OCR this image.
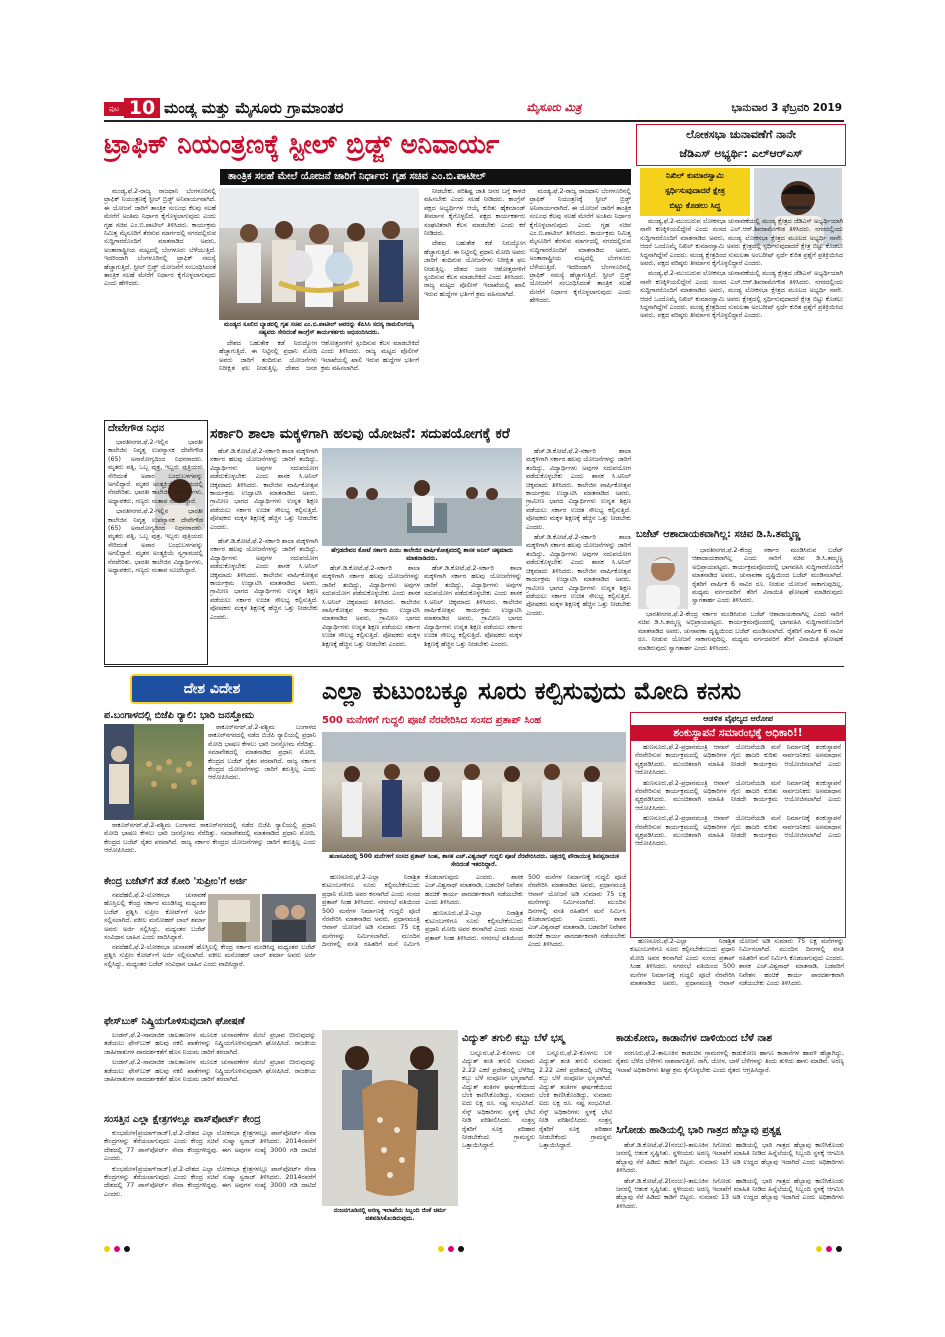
ಪುಟ 10 ಮಂಡ್ಯ ಮತ್ತು ಮೈಸೂರು ಗ್ರಾಮಾಂತರ	ಮೈಸೂರು ಮಿತ್ರ	ಭಾನುವಾರ 3 ಫೆಬ್ರವರಿ 2019
ಟ್ರಾಫಿಕ್ ನಿಯಂತ್ರಣಕ್ಕೆ ಸ್ಟೀಲ್ ಬ್ರಿಡ್ಜ್ ಅನಿವಾರ್ಯ
ತಾಂತ್ರಿಕ ಸಲಹೆ ಮೇಲೆ ಯೋಜನೆ ಜಾರಿಗೆ ನಿರ್ಧಾರ: ಗೃಹ ಸಚಿವ ಎಂ.ಬಿ.ಪಾಟೀಲ್

ಮಂಡ್ಯ,ಫೆ.2-ರಾಜ್ಯ ರಾಜಧಾನಿ ಬೆಂಗಳೂರಿನಲ್ಲಿ ಟ್ರಾಫಿಕ್ ನಿಯಂತ್ರಣಕ್ಕೆ ಸ್ಟೀಲ್ ಬ್ರಿಡ್ಜ್ ಅನಿವಾರ್ಯವಾಗಿದೆ. ಈ ಯೋಜನೆ ಜಾರಿಗೆ ತಾಂತ್ರಿಕ ಸಂಬಂಧ ಕೆಲವು ಸಲಹೆ ಮೇರೆಗೆ ಅಂತಿಮ ನಿರ್ಧಾರ ಕೈಗೊಳ್ಳಲಾಗುವುದು ಎಂದು ಗೃಹ ಸಚಿವ ಎಂ.ಬಿ.ಪಾಟೀಲ್ ತಿಳಿಸಿದರು. ಕಾರ್ಯಕ್ರಮ ನಿಮಿತ್ತ ಮೈಸೂರಿಗೆ ತೆರಳುವ ಮಾರ್ಗದಲ್ಲಿ ನಗರದಲ್ಲಿರುವ ಸುದ್ದಿಗಾರರೊಂದಿಗೆ ಮಾತನಾಡಿದ ಅವರು, ಅಂತಾರಾಷ್ಟ್ರೀಯ ಮಟ್ಟದಲ್ಲಿ ಬೆಂಗಳೂರು ಬೆಳೆಯುತ್ತಿದೆ. ಇದರಿಂದಾಗಿ ಬೆಂಗಳೂರಿನಲ್ಲಿ ಟ್ರಾಫಿಕ್ ಸಮಸ್ಯೆ ಹೆಚ್ಚಾಗುತ್ತಿದೆ. ಸ್ಟೀಲ್ ಬ್ರಿಡ್ಜ್ ಯೋಜನೆಗೆ ಸಂಬಂಧಿಸಿದಂತೆ ತಾಂತ್ರಿಕ ಸಲಹೆ ಮೇರೆಗೆ ನಿರ್ಧಾರ ಕೈಗೊಳ್ಳಲಾಗುವುದು ಎಂದು ಹೇಳಿದರು.

ಮಂಡ್ಯದ ಸೂಲಿದ ಬ್ಯಾಡರಲ್ಲಿ ಗೃಹ ಸಚಿವ ಎಂ.ಬಿ.ಪಾಟೀಲ್ ಅವರನ್ನು ಕೆಪಿಸಿಸಿ ಸದಸ್ಯ ರಾಮಲಿಂಗಯ್ಯ ಸಹ್ಯವರು ಸೇರಿದಂತೆ ಕಾಂಗ್ರೆಸ್ ಕಾರ್ಯಕರ್ತರು ಅಭಿನಂದಿಸಿದರು.

ದೇಶದ ಬಹುತೇಕ ಕಡೆ ನಿರುದ್ಯೋಗ ಹೆಚ್ಚಾಗುತ್ತಿದೆ. ಈ ನಿಟ್ಟಿನಲ್ಲಿ ಪ್ರಧಾನಿ ಮೋದಿ ಅವರು ಜಾರಿಗೆ ತಂದಿರುವ ಯೋಜನೆಗಳು ನಿರೀಕ್ಷಿತ ಫಲ ನೀಡುತ್ತಿಲ್ಲ. ದೇಶದ ಜನರ ಆಶೋತ್ತರಗಳಿಗೆ ಸ್ಪಂದಿಸುವ ಕೆಲಸ ಮಾಡಬೇಕಿದೆ ಎಂದು ತಿಳಿಸಿದರು. ರಾಜ್ಯ ಮಟ್ಟದ ಪೊಲೀಸ್ ಇಲಾಖೆಯಲ್ಲಿ ಖಾಲಿ ಇರುವ ಹುದ್ದೆಗಳ ಭರ್ತಿಗೆ ಕ್ರಮ ವಹಿಸಲಾಗಿದೆ.

ನೀಡಬೇಕು. ಪರಿಶಿಷ್ಟ ಜಾತಿ ಜನರ ಬಗ್ಗೆ ಕಾಳಜಿ ವಹಿಸಬೇಕು ಎಂದು ಸಲಹೆ ನೀಡಿದರು. ಕಾಂಗ್ರೆಸ್ ಪಕ್ಷದ ಅಭ್ಯರ್ಥಿಗಳ ಆಯ್ಕೆ ಕುರಿತು ಹೈಕಮಾಂಡ್ ತೀರ್ಮಾನ ಕೈಗೊಳ್ಳಲಿದೆ. ಪಕ್ಷದ ಕಾರ್ಯಕರ್ತರು ಸಂಘಟಿತರಾಗಿ ಕೆಲಸ ಮಾಡಬೇಕು ಎಂದು ಕರೆ ನೀಡಿದರು.

ದೇಶದ ಬಹುತೇಕ ಕಡೆ ನಿರುದ್ಯೋಗ ಹೆಚ್ಚಾಗುತ್ತಿದೆ. ಈ ನಿಟ್ಟಿನಲ್ಲಿ ಪ್ರಧಾನಿ ಮೋದಿ ಅವರು ಜಾರಿಗೆ ತಂದಿರುವ ಯೋಜನೆಗಳು ನಿರೀಕ್ಷಿತ ಫಲ ನೀಡುತ್ತಿಲ್ಲ. ದೇಶದ ಜನರ ಆಶೋತ್ತರಗಳಿಗೆ ಸ್ಪಂದಿಸುವ ಕೆಲಸ ಮಾಡಬೇಕಿದೆ ಎಂದು ತಿಳಿಸಿದರು. ರಾಜ್ಯ ಮಟ್ಟದ ಪೊಲೀಸ್ ಇಲಾಖೆಯಲ್ಲಿ ಖಾಲಿ ಇರುವ ಹುದ್ದೆಗಳ ಭರ್ತಿಗೆ ಕ್ರಮ ವಹಿಸಲಾಗಿದೆ.

ಮಂಡ್ಯ,ಫೆ.2-ರಾಜ್ಯ ರಾಜಧಾನಿ ಬೆಂಗಳೂರಿನಲ್ಲಿ ಟ್ರಾಫಿಕ್ ನಿಯಂತ್ರಣಕ್ಕೆ ಸ್ಟೀಲ್ ಬ್ರಿಡ್ಜ್ ಅನಿವಾರ್ಯವಾಗಿದೆ. ಈ ಯೋಜನೆ ಜಾರಿಗೆ ತಾಂತ್ರಿಕ ಸಂಬಂಧ ಕೆಲವು ಸಲಹೆ ಮೇರೆಗೆ ಅಂತಿಮ ನಿರ್ಧಾರ ಕೈಗೊಳ್ಳಲಾಗುವುದು ಎಂದು ಗೃಹ ಸಚಿವ ಎಂ.ಬಿ.ಪಾಟೀಲ್ ತಿಳಿಸಿದರು. ಕಾರ್ಯಕ್ರಮ ನಿಮಿತ್ತ ಮೈಸೂರಿಗೆ ತೆರಳುವ ಮಾರ್ಗದಲ್ಲಿ ನಗರದಲ್ಲಿರುವ ಸುದ್ದಿಗಾರರೊಂದಿಗೆ ಮಾತನಾಡಿದ ಅವರು, ಅಂತಾರಾಷ್ಟ್ರೀಯ ಮಟ್ಟದಲ್ಲಿ ಬೆಂಗಳೂರು ಬೆಳೆಯುತ್ತಿದೆ. ಇದರಿಂದಾಗಿ ಬೆಂಗಳೂರಿನಲ್ಲಿ ಟ್ರಾಫಿಕ್ ಸಮಸ್ಯೆ ಹೆಚ್ಚಾಗುತ್ತಿದೆ. ಸ್ಟೀಲ್ ಬ್ರಿಡ್ಜ್ ಯೋಜನೆಗೆ ಸಂಬಂಧಿಸಿದಂತೆ ತಾಂತ್ರಿಕ ಸಲಹೆ ಮೇರೆಗೆ ನಿರ್ಧಾರ ಕೈಗೊಳ್ಳಲಾಗುವುದು ಎಂದು ಹೇಳಿದರು.

ಲೋಕಸಭಾ ಚುನಾವಣೆಗೆ ನಾನೇ
ಜೆಡಿಎಸ್ ಅಭ್ಯರ್ಥಿ: ಎಲ್‌ಆರ್‌ಎಸ್
ನಿಖಿಲ್ ಕುಮಾರಸ್ವಾಮಿ
ಸ್ಪರ್ಧಿಸುವುದಾದರೆ ಕ್ಷೇತ್ರ
ಬಿಟ್ಟು ಕೊಡಲು ಸಿದ್ಧ

ಮಂಡ್ಯ,ಫೆ.2-ಮುಂಬರುವ ಲೋಕಸಭಾ ಚುನಾವಣೆಯಲ್ಲಿ ಮಂಡ್ಯ ಕ್ಷೇತ್ರದ ಜೆಡಿಎಸ್ ಅಭ್ಯರ್ಥಿಯಾಗಿ ನಾನೇ ಕಣಕ್ಕಿಳಿಯಲಿದ್ದೇನೆ ಎಂದು ಸಂಸದ ಎಲ್.ಆರ್.ಶಿವರಾಮೇಗೌಡ ತಿಳಿಸಿದರು. ನಗರದಲ್ಲಿಂದು ಸುದ್ದಿಗಾರರೊಂದಿಗೆ ಮಾತನಾಡಿದ ಅವರು, ಮಂಡ್ಯ ಲೋಕಸಭಾ ಕ್ಷೇತ್ರದ ಮೂಲದ ಅಭ್ಯರ್ಥಿ ನಾನೇ. ಆದರೆ ಒಂದೊಮ್ಮೆ ನಿಖಿಲ್ ಕುಮಾರಸ್ವಾಮಿ ಅವರು ಕ್ಷೇತ್ರದಲ್ಲಿ ಸ್ಪರ್ಧಿಸುವುದಾದರೆ ಕ್ಷೇತ್ರ ಬಿಟ್ಟು ಕೊಡಲು ಸಿದ್ಧನಾಗಿದ್ದೇನೆ ಎಂದರು. ಮಂಡ್ಯ ಕ್ಷೇತ್ರದಿಂದ ಸುಮಲತಾ ಅಂಬರೀಷ್ ಸ್ಪರ್ಧೆ ಕುರಿತ ಪ್ರಶ್ನೆಗೆ ಪ್ರತಿಕ್ರಿಯಿಸಿದ ಅವರು, ಪಕ್ಷದ ವರಿಷ್ಠರು ತೀರ್ಮಾನ ಕೈಗೊಳ್ಳಲಿದ್ದಾರೆ ಎಂದರು.

ಮಂಡ್ಯ,ಫೆ.2-ಮುಂಬರುವ ಲೋಕಸಭಾ ಚುನಾವಣೆಯಲ್ಲಿ ಮಂಡ್ಯ ಕ್ಷೇತ್ರದ ಜೆಡಿಎಸ್ ಅಭ್ಯರ್ಥಿಯಾಗಿ ನಾನೇ ಕಣಕ್ಕಿಳಿಯಲಿದ್ದೇನೆ ಎಂದು ಸಂಸದ ಎಲ್.ಆರ್.ಶಿವರಾಮೇಗೌಡ ತಿಳಿಸಿದರು. ನಗರದಲ್ಲಿಂದು ಸುದ್ದಿಗಾರರೊಂದಿಗೆ ಮಾತನಾಡಿದ ಅವರು, ಮಂಡ್ಯ ಲೋಕಸಭಾ ಕ್ಷೇತ್ರದ ಮೂಲದ ಅಭ್ಯರ್ಥಿ ನಾನೇ. ಆದರೆ ಒಂದೊಮ್ಮೆ ನಿಖಿಲ್ ಕುಮಾರಸ್ವಾಮಿ ಅವರು ಕ್ಷೇತ್ರದಲ್ಲಿ ಸ್ಪರ್ಧಿಸುವುದಾದರೆ ಕ್ಷೇತ್ರ ಬಿಟ್ಟು ಕೊಡಲು ಸಿದ್ಧನಾಗಿದ್ದೇನೆ ಎಂದರು. ಮಂಡ್ಯ ಕ್ಷೇತ್ರದಿಂದ ಸುಮಲತಾ ಅಂಬರೀಷ್ ಸ್ಪರ್ಧೆ ಕುರಿತ ಪ್ರಶ್ನೆಗೆ ಪ್ರತಿಕ್ರಿಯಿಸಿದ ಅವರು, ಪಕ್ಷದ ವರಿಷ್ಠರು ತೀರ್ಮಾನ ಕೈಗೊಳ್ಳಲಿದ್ದಾರೆ ಎಂದರು.

ದೇವೇಗೌಡ ನಿಧನ

ಭಾರತೀನಗರ,ಫೆ.2-ಇಲ್ಲಿನ ಭಾರತೀ ಕಾಲೇಜಿನ ನಿವೃತ್ತ ಉಪನ್ಯಾಸಕ ದೇವೇಗೌಡ (65) ಅನಾರೋಗ್ಯದಿಂದ ನಿಧನರಾದರು. ಮೃತರು ಪತ್ನಿ, ಒಬ್ಬ ಪುತ್ರ, ಇಬ್ಬರು ಪುತ್ರಿಯರು ಸೇರಿದಂತೆ ಅಪಾರ ಬಂಧುಬಳಗವನ್ನು ಅಗಲಿದ್ದಾರೆ. ಮೃತರ ಅಂತ್ಯಕ್ರಿಯೆ ಸ್ವಗ್ರಾಮದಲ್ಲಿ ನೆರವೇರಿತು. ಭಾರತೀ ಕಾಲೇಜಿನ ವಿದ್ಯಾರ್ಥಿಗಳು, ಅಧ್ಯಾಪಕರು, ಗಣ್ಯರು ಸಂತಾಪ ಸೂಚಿಸಿದ್ದಾರೆ.

ಭಾರತೀನಗರ,ಫೆ.2-ಇಲ್ಲಿನ ಭಾರತೀ ಕಾಲೇಜಿನ ನಿವೃತ್ತ ಉಪನ್ಯಾಸಕ ದೇವೇಗೌಡ (65) ಅನಾರೋಗ್ಯದಿಂದ ನಿಧನರಾದರು. ಮೃತರು ಪತ್ನಿ, ಒಬ್ಬ ಪುತ್ರ, ಇಬ್ಬರು ಪುತ್ರಿಯರು ಸೇರಿದಂತೆ ಅಪಾರ ಬಂಧುಬಳಗವನ್ನು ಅಗಲಿದ್ದಾರೆ. ಮೃತರ ಅಂತ್ಯಕ್ರಿಯೆ ಸ್ವಗ್ರಾಮದಲ್ಲಿ ನೆರವೇರಿತು. ಭಾರತೀ ಕಾಲೇಜಿನ ವಿದ್ಯಾರ್ಥಿಗಳು, ಅಧ್ಯಾಪಕರು, ಗಣ್ಯರು ಸಂತಾಪ ಸೂಚಿಸಿದ್ದಾರೆ.

ಸರ್ಕಾರಿ ಶಾಲಾ ಮಕ್ಕಳಿಗಾಗಿ ಹಲವು ಯೋಜನೆ: ಸದುಪಯೋಗಕ್ಕೆ ಕರೆ

ಹೆಚ್.ಡಿ.ಕೋಟೆ,ಫೆ.2-ಸರ್ಕಾರಿ ಶಾಲಾ ಮಕ್ಕಳಿಗಾಗಿ ಸರ್ಕಾರ ಹಲವು ಯೋಜನೆಗಳನ್ನು ಜಾರಿಗೆ ತಂದಿದ್ದು, ವಿದ್ಯಾರ್ಥಿಗಳು ಅವುಗಳ ಸದುಪಯೋಗ ಪಡೆದುಕೊಳ್ಳಬೇಕು ಎಂದು ಶಾಸಕ ಸಿ.ಅನಿಲ್ ಚಿಕ್ಕಮಾದು ತಿಳಿಸಿದರು. ಕಾಲೇಜಿನ ವಾರ್ಷಿಕೋತ್ಸವ ಕಾರ್ಯಕ್ರಮ ಉದ್ಘಾಟಿಸಿ ಮಾತನಾಡಿದ ಅವರು, ಗ್ರಾಮೀಣ ಭಾಗದ ವಿದ್ಯಾರ್ಥಿಗಳು ಉನ್ನತ ಶಿಕ್ಷಣ ಪಡೆಯಲು ಸರ್ಕಾರ ಉಚಿತ ಸೌಲಭ್ಯ ಕಲ್ಪಿಸುತ್ತಿದೆ. ಪೋಷಕರು ಮಕ್ಕಳ ಶಿಕ್ಷಣಕ್ಕೆ ಹೆಚ್ಚಿನ ಒತ್ತು ನೀಡಬೇಕು ಎಂದರು.

ಹೆಗ್ಗಡದೇವನ ಕೋಟೆ ಸರ್ಕಾರಿ ಪಿಯು ಕಾಲೇಜಿನ ವಾರ್ಷಿಕೋತ್ಸವದಲ್ಲಿ ಶಾಸಕ ಅನಿಲ್ ಚಿಕ್ಕಮಾದು ಮಾತನಾಡಿದರು.

ಹೆಚ್.ಡಿ.ಕೋಟೆ,ಫೆ.2-ಸರ್ಕಾರಿ ಶಾಲಾ ಮಕ್ಕಳಿಗಾಗಿ ಸರ್ಕಾರ ಹಲವು ಯೋಜನೆಗಳನ್ನು ಜಾರಿಗೆ ತಂದಿದ್ದು, ವಿದ್ಯಾರ್ಥಿಗಳು ಅವುಗಳ ಸದುಪಯೋಗ ಪಡೆದುಕೊಳ್ಳಬೇಕು ಎಂದು ಶಾಸಕ ಸಿ.ಅನಿಲ್ ಚಿಕ್ಕಮಾದು ತಿಳಿಸಿದರು. ಕಾಲೇಜಿನ ವಾರ್ಷಿಕೋತ್ಸವ ಕಾರ್ಯಕ್ರಮ ಉದ್ಘಾಟಿಸಿ ಮಾತನಾಡಿದ ಅವರು, ಗ್ರಾಮೀಣ ಭಾಗದ ವಿದ್ಯಾರ್ಥಿಗಳು ಉನ್ನತ ಶಿಕ್ಷಣ ಪಡೆಯಲು ಸರ್ಕಾರ ಉಚಿತ ಸೌಲಭ್ಯ ಕಲ್ಪಿಸುತ್ತಿದೆ. ಪೋಷಕರು ಮಕ್ಕಳ ಶಿಕ್ಷಣಕ್ಕೆ ಹೆಚ್ಚಿನ ಒತ್ತು ನೀಡಬೇಕು ಎಂದರು.

ಹೆಚ್.ಡಿ.ಕೋಟೆ,ಫೆ.2-ಸರ್ಕಾರಿ ಶಾಲಾ ಮಕ್ಕಳಿಗಾಗಿ ಸರ್ಕಾರ ಹಲವು ಯೋಜನೆಗಳನ್ನು ಜಾರಿಗೆ ತಂದಿದ್ದು, ವಿದ್ಯಾರ್ಥಿಗಳು ಅವುಗಳ ಸದುಪಯೋಗ ಪಡೆದುಕೊಳ್ಳಬೇಕು ಎಂದು ಶಾಸಕ ಸಿ.ಅನಿಲ್ ಚಿಕ್ಕಮಾದು ತಿಳಿಸಿದರು. ಕಾಲೇಜಿನ ವಾರ್ಷಿಕೋತ್ಸವ ಕಾರ್ಯಕ್ರಮ ಉದ್ಘಾಟಿಸಿ ಮಾತನಾಡಿದ ಅವರು, ಗ್ರಾಮೀಣ ಭಾಗದ ವಿದ್ಯಾರ್ಥಿಗಳು ಉನ್ನತ ಶಿಕ್ಷಣ ಪಡೆಯಲು ಸರ್ಕಾರ ಉಚಿತ ಸೌಲಭ್ಯ ಕಲ್ಪಿಸುತ್ತಿದೆ. ಪೋಷಕರು ಮಕ್ಕಳ ಶಿಕ್ಷಣಕ್ಕೆ ಹೆಚ್ಚಿನ ಒತ್ತು ನೀಡಬೇಕು ಎಂದರು.

ಹೆಚ್.ಡಿ.ಕೋಟೆ,ಫೆ.2-ಸರ್ಕಾರಿ ಶಾಲಾ ಮಕ್ಕಳಿಗಾಗಿ ಸರ್ಕಾರ ಹಲವು ಯೋಜನೆಗಳನ್ನು ಜಾರಿಗೆ ತಂದಿದ್ದು, ವಿದ್ಯಾರ್ಥಿಗಳು ಅವುಗಳ ಸದುಪಯೋಗ ಪಡೆದುಕೊಳ್ಳಬೇಕು ಎಂದು ಶಾಸಕ ಸಿ.ಅನಿಲ್ ಚಿಕ್ಕಮಾದು ತಿಳಿಸಿದರು. ಕಾಲೇಜಿನ ವಾರ್ಷಿಕೋತ್ಸವ ಕಾರ್ಯಕ್ರಮ ಉದ್ಘಾಟಿಸಿ ಮಾತನಾಡಿದ ಅವರು, ಗ್ರಾಮೀಣ ಭಾಗದ ವಿದ್ಯಾರ್ಥಿಗಳು ಉನ್ನತ ಶಿಕ್ಷಣ ಪಡೆಯಲು ಸರ್ಕಾರ ಉಚಿತ ಸೌಲಭ್ಯ ಕಲ್ಪಿಸುತ್ತಿದೆ. ಪೋಷಕರು ಮಕ್ಕಳ ಶಿಕ್ಷಣಕ್ಕೆ ಹೆಚ್ಚಿನ ಒತ್ತು ನೀಡಬೇಕು ಎಂದರು.

ಹೆಚ್.ಡಿ.ಕೋಟೆ,ಫೆ.2-ಸರ್ಕಾರಿ ಶಾಲಾ ಮಕ್ಕಳಿಗಾಗಿ ಸರ್ಕಾರ ಹಲವು ಯೋಜನೆಗಳನ್ನು ಜಾರಿಗೆ ತಂದಿದ್ದು, ವಿದ್ಯಾರ್ಥಿಗಳು ಅವುಗಳ ಸದುಪಯೋಗ ಪಡೆದುಕೊಳ್ಳಬೇಕು ಎಂದು ಶಾಸಕ ಸಿ.ಅನಿಲ್ ಚಿಕ್ಕಮಾದು ತಿಳಿಸಿದರು. ಕಾಲೇಜಿನ ವಾರ್ಷಿಕೋತ್ಸವ ಕಾರ್ಯಕ್ರಮ ಉದ್ಘಾಟಿಸಿ ಮಾತನಾಡಿದ ಅವರು, ಗ್ರಾಮೀಣ ಭಾಗದ ವಿದ್ಯಾರ್ಥಿಗಳು ಉನ್ನತ ಶಿಕ್ಷಣ ಪಡೆಯಲು ಸರ್ಕಾರ ಉಚಿತ ಸೌಲಭ್ಯ ಕಲ್ಪಿಸುತ್ತಿದೆ. ಪೋಷಕರು ಮಕ್ಕಳ ಶಿಕ್ಷಣಕ್ಕೆ ಹೆಚ್ಚಿನ ಒತ್ತು ನೀಡಬೇಕು ಎಂದರು.

ಹೆಚ್.ಡಿ.ಕೋಟೆ,ಫೆ.2-ಸರ್ಕಾರಿ ಶಾಲಾ ಮಕ್ಕಳಿಗಾಗಿ ಸರ್ಕಾರ ಹಲವು ಯೋಜನೆಗಳನ್ನು ಜಾರಿಗೆ ತಂದಿದ್ದು, ವಿದ್ಯಾರ್ಥಿಗಳು ಅವುಗಳ ಸದುಪಯೋಗ ಪಡೆದುಕೊಳ್ಳಬೇಕು ಎಂದು ಶಾಸಕ ಸಿ.ಅನಿಲ್ ಚಿಕ್ಕಮಾದು ತಿಳಿಸಿದರು. ಕಾಲೇಜಿನ ವಾರ್ಷಿಕೋತ್ಸವ ಕಾರ್ಯಕ್ರಮ ಉದ್ಘಾಟಿಸಿ ಮಾತನಾಡಿದ ಅವರು, ಗ್ರಾಮೀಣ ಭಾಗದ ವಿದ್ಯಾರ್ಥಿಗಳು ಉನ್ನತ ಶಿಕ್ಷಣ ಪಡೆಯಲು ಸರ್ಕಾರ ಉಚಿತ ಸೌಲಭ್ಯ ಕಲ್ಪಿಸುತ್ತಿದೆ. ಪೋಷಕರು ಮಕ್ಕಳ ಶಿಕ್ಷಣಕ್ಕೆ ಹೆಚ್ಚಿನ ಒತ್ತು ನೀಡಬೇಕು ಎಂದರು.

ಬಜೆಟ್ ಆಶಾದಾಯಕವಾಗಿಲ್ಲ: ಸಚಿವ ಡಿ.ಸಿ.ತಮ್ಮಣ್ಣ

ಭಾರತೀನಗರ,ಫೆ.2-ಕೇಂದ್ರ ಸರ್ಕಾರ ಮಂಡಿಸಿರುವ ಬಜೆಟ್ ಆಶಾದಾಯಕವಾಗಿಲ್ಲ ಎಂದು ಸಾರಿಗೆ ಸಚಿವ ಡಿ.ಸಿ.ತಮ್ಮಣ್ಣ ಅಭಿಪ್ರಾಯಪಟ್ಟರು. ಕಾರ್ಯಕ್ರಮವೊಂದರಲ್ಲಿ ಭಾಗವಹಿಸಿ ಸುದ್ದಿಗಾರರೊಂದಿಗೆ ಮಾತನಾಡಿದ ಅವರು, ಚುನಾವಣಾ ದೃಷ್ಟಿಯಿಂದ ಬಜೆಟ್ ಮಂಡಿಸಲಾಗಿದೆ. ರೈತರಿಗೆ ವಾರ್ಷಿಕ 6 ಸಾವಿರ ರೂ. ನೀಡುವ ಯೋಜನೆ ಸಾಕಾಗುವುದಿಲ್ಲ. ಮಧ್ಯಮ ವರ್ಗದವರಿಗೆ ತೆರಿಗೆ ವಿನಾಯಿತಿ ಘೋಷಣೆ ಮಾಡಿರುವುದು ಸ್ವಾಗತಾರ್ಹ ಎಂದು ತಿಳಿಸಿದರು.

ಭಾರತೀನಗರ,ಫೆ.2-ಕೇಂದ್ರ ಸರ್ಕಾರ ಮಂಡಿಸಿರುವ ಬಜೆಟ್ ಆಶಾದಾಯಕವಾಗಿಲ್ಲ ಎಂದು ಸಾರಿಗೆ ಸಚಿವ ಡಿ.ಸಿ.ತಮ್ಮಣ್ಣ ಅಭಿಪ್ರಾಯಪಟ್ಟರು. ಕಾರ್ಯಕ್ರಮವೊಂದರಲ್ಲಿ ಭಾಗವಹಿಸಿ ಸುದ್ದಿಗಾರರೊಂದಿಗೆ ಮಾತನಾಡಿದ ಅವರು, ಚುನಾವಣಾ ದೃಷ್ಟಿಯಿಂದ ಬಜೆಟ್ ಮಂಡಿಸಲಾಗಿದೆ. ರೈತರಿಗೆ ವಾರ್ಷಿಕ 6 ಸಾವಿರ ರೂ. ನೀಡುವ ಯೋಜನೆ ಸಾಕಾಗುವುದಿಲ್ಲ. ಮಧ್ಯಮ ವರ್ಗದವರಿಗೆ ತೆರಿಗೆ ವಿನಾಯಿತಿ ಘೋಷಣೆ ಮಾಡಿರುವುದು ಸ್ವಾಗತಾರ್ಹ ಎಂದು ತಿಳಿಸಿದರು.

ದೇಶ ವಿದೇಶ
ಪ.ಬಂಗಾಳದಲ್ಲಿ ಬಿಜೆಪಿ ರ್‍ಯಾಲಿ: ಭಾರಿ ಜನಸ್ತೋಮ

ಠಾಕೂರ್‌ನಗರ್,ಫೆ.2-ಪಶ್ಚಿಮ ಬಂಗಾಳದ ಠಾಕೂರ್‌ನಗರದಲ್ಲಿ ನಡೆದ ಬಿಜೆಪಿ ರ್‍ಯಾಲಿಯಲ್ಲಿ ಪ್ರಧಾನಿ ಮೋದಿ ಭಾಷಣ ಕೇಳಲು ಭಾರಿ ಜನಸ್ತೋಮ ನೆರೆದಿತ್ತು. ಸಮಾವೇಶದಲ್ಲಿ ಮಾತನಾಡಿದ ಪ್ರಧಾನಿ ಮೋದಿ, ಕೇಂದ್ರದ ಬಜೆಟ್ ರೈತರ ಪರವಾಗಿದೆ. ರಾಜ್ಯ ಸರ್ಕಾರ ಕೇಂದ್ರದ ಯೋಜನೆಗಳನ್ನು ಜಾರಿಗೆ ತರುತ್ತಿಲ್ಲ ಎಂದು ಆರೋಪಿಸಿದರು.

ಠಾಕೂರ್‌ನಗರ್,ಫೆ.2-ಪಶ್ಚಿಮ ಬಂಗಾಳದ ಠಾಕೂರ್‌ನಗರದಲ್ಲಿ ನಡೆದ ಬಿಜೆಪಿ ರ್‍ಯಾಲಿಯಲ್ಲಿ ಪ್ರಧಾನಿ ಮೋದಿ ಭಾಷಣ ಕೇಳಲು ಭಾರಿ ಜನಸ್ತೋಮ ನೆರೆದಿತ್ತು. ಸಮಾವೇಶದಲ್ಲಿ ಮಾತನಾಡಿದ ಪ್ರಧಾನಿ ಮೋದಿ, ಕೇಂದ್ರದ ಬಜೆಟ್ ರೈತರ ಪರವಾಗಿದೆ. ರಾಜ್ಯ ಸರ್ಕಾರ ಕೇಂದ್ರದ ಯೋಜನೆಗಳನ್ನು ಜಾರಿಗೆ ತರುತ್ತಿಲ್ಲ ಎಂದು ಆರೋಪಿಸಿದರು.

ಕೇಂದ್ರ ಬಜೆಟ್‌ಗೆ ತಡೆ ಕೋರಿ 'ಸುಪ್ರೀಂ'ಗೆ ಅರ್ಜಿ

ನವದೆಹಲಿ,ಫೆ.2-ಲೋಕಸಭಾ ಚುನಾವಣೆ ಹೊಸ್ತಿಲಲ್ಲಿ ಕೇಂದ್ರ ಸರ್ಕಾರ ಮಂಡಿಸಿದ್ದ ಮಧ್ಯಂತರ ಬಜೆಟ್ ಪ್ರಶ್ನಿಸಿ ಸುಪ್ರೀಂ ಕೋರ್ಟ್‌ಗೆ ಅರ್ಜಿ ಸಲ್ಲಿಸಲಾಗಿದೆ. ವಕೀಲ ಮನೋಹರ್ ಲಾಲ್ ಶರ್ಮಾ ಅವರು ಅರ್ಜಿ ಸಲ್ಲಿಸಿದ್ದು, ಮಧ್ಯಂತರ ಬಜೆಟ್ ಸಂವಿಧಾನ ಬಾಹಿರ ಎಂದು ವಾದಿಸಿದ್ದಾರೆ.

ನವದೆಹಲಿ,ಫೆ.2-ಲೋಕಸಭಾ ಚುನಾವಣೆ ಹೊಸ್ತಿಲಲ್ಲಿ ಕೇಂದ್ರ ಸರ್ಕಾರ ಮಂಡಿಸಿದ್ದ ಮಧ್ಯಂತರ ಬಜೆಟ್ ಪ್ರಶ್ನಿಸಿ ಸುಪ್ರೀಂ ಕೋರ್ಟ್‌ಗೆ ಅರ್ಜಿ ಸಲ್ಲಿಸಲಾಗಿದೆ. ವಕೀಲ ಮನೋಹರ್ ಲಾಲ್ ಶರ್ಮಾ ಅವರು ಅರ್ಜಿ ಸಲ್ಲಿಸಿದ್ದು, ಮಧ್ಯಂತರ ಬಜೆಟ್ ಸಂವಿಧಾನ ಬಾಹಿರ ಎಂದು ವಾದಿಸಿದ್ದಾರೆ.

ಫೇಸ್‌ಬುಕ್ ನಿಷ್ಕ್ರಿಯಗೊಳಿಸುವುದಾಗಿ ಘೋಷಣೆ

ಲಂಡನ್,ಫೆ.2-ಸಾಮಾಜಿಕ ಜಾಲತಾಣಗಳ ಮೂಲಕ ಚುನಾವಣೆಗಳ ಮೇಲೆ ಪ್ರಭಾವ ಬೀರುವುದನ್ನು ತಡೆಯಲು ಫೇಸ್‌ಬುಕ್ ಹಲವು ನಕಲಿ ಖಾತೆಗಳನ್ನು ನಿಷ್ಕ್ರಿಯಗೊಳಿಸುವುದಾಗಿ ಘೋಷಿಸಿದೆ. ರಾಜಕೀಯ ಜಾಹೀರಾತುಗಳ ಪಾರದರ್ಶಕತೆಗೆ ಹೊಸ ನಿಯಮ ಜಾರಿಗೆ ತರಲಾಗಿದೆ.

ಲಂಡನ್,ಫೆ.2-ಸಾಮಾಜಿಕ ಜಾಲತಾಣಗಳ ಮೂಲಕ ಚುನಾವಣೆಗಳ ಮೇಲೆ ಪ್ರಭಾವ ಬೀರುವುದನ್ನು ತಡೆಯಲು ಫೇಸ್‌ಬುಕ್ ಹಲವು ನಕಲಿ ಖಾತೆಗಳನ್ನು ನಿಷ್ಕ್ರಿಯಗೊಳಿಸುವುದಾಗಿ ಘೋಷಿಸಿದೆ. ರಾಜಕೀಯ ಜಾಹೀರಾತುಗಳ ಪಾರದರ್ಶಕತೆಗೆ ಹೊಸ ನಿಯಮ ಜಾರಿಗೆ ತರಲಾಗಿದೆ.

ಸಂಸತ್ತಿನ ಎಲ್ಲಾ ಕ್ಷೇತ್ರಗಳಲ್ಲೂ ಪಾಸ್‌ಪೋರ್ಟ್ ಕೇಂದ್ರ

ಕುಂಭಮೇಳ(ಪ್ರಯಾಗ್‌ರಾಜ್),ಫೆ.2-ದೇಶದ ಎಲ್ಲಾ ಲೋಕಸಭಾ ಕ್ಷೇತ್ರಗಳಲ್ಲೂ ಪಾಸ್‌ಪೋರ್ಟ್ ಸೇವಾ ಕೇಂದ್ರಗಳನ್ನು ತೆರೆಯಲಾಗುವುದು ಎಂದು ಕೇಂದ್ರ ಸಚಿವೆ ಸುಷ್ಮಾ ಸ್ವರಾಜ್ ತಿಳಿಸಿದರು. 2014ರವರೆಗೆ ದೇಶದಲ್ಲಿ 77 ಪಾಸ್‌ಪೋರ್ಟ್ ಸೇವಾ ಕೇಂದ್ರಗಳಿದ್ದವು. ಈಗ ಅವುಗಳ ಸಂಖ್ಯೆ 3000 ಗಡಿ ದಾಟಿದೆ ಎಂದರು.

ಕುಂಭಮೇಳ(ಪ್ರಯಾಗ್‌ರಾಜ್),ಫೆ.2-ದೇಶದ ಎಲ್ಲಾ ಲೋಕಸಭಾ ಕ್ಷೇತ್ರಗಳಲ್ಲೂ ಪಾಸ್‌ಪೋರ್ಟ್ ಸೇವಾ ಕೇಂದ್ರಗಳನ್ನು ತೆರೆಯಲಾಗುವುದು ಎಂದು ಕೇಂದ್ರ ಸಚಿವೆ ಸುಷ್ಮಾ ಸ್ವರಾಜ್ ತಿಳಿಸಿದರು. 2014ರವರೆಗೆ ದೇಶದಲ್ಲಿ 77 ಪಾಸ್‌ಪೋರ್ಟ್ ಸೇವಾ ಕೇಂದ್ರಗಳಿದ್ದವು. ಈಗ ಅವುಗಳ ಸಂಖ್ಯೆ 3000 ಗಡಿ ದಾಟಿದೆ ಎಂದರು.

ಎಲ್ಲಾ ಕುಟುಂಬಕ್ಕೂ ಸೂರು ಕಲ್ಪಿಸುವುದು ಮೋದಿ ಕನಸು
500 ಮನೆಗಳಿಗೆ ಗುದ್ದಲಿ ಪೂಜೆ ನೆರವೇರಿಸಿದ ಸಂಸದ ಪ್ರತಾಪ್ ಸಿಂಹ
ಹುಣಸೂರಿನಲ್ಲಿ 500 ಮನೆಗಳಿಗೆ ಸಂಸದ ಪ್ರತಾಪ್ ಸಿಂಹ, ಶಾಸಕ ಎಚ್.ವಿಶ್ವನಾಥ್ ಗುದ್ದಲಿ ಪೂಜೆ ನೆರವೇರಿಸಿದರು. ಚಿತ್ರದಲ್ಲಿ ಪೌರಾಯುಕ್ತ ಶಿವಪ್ಪನಾಯಕ ಸೇರಿದಂತೆ ಇತರರಿದ್ದಾರೆ.

ಹುಣಸೂರು,ಫೆ.2-ಎಲ್ಲಾ ನಿರಾಶ್ರಿತ ಕುಟುಂಬಗಳಿಗೂ ಸೂರು ಕಲ್ಪಿಸಬೇಕೆಂಬುದು ಪ್ರಧಾನಿ ಮೋದಿ ಅವರ ಕನಸಾಗಿದೆ ಎಂದು ಸಂಸದ ಪ್ರತಾಪ್ ಸಿಂಹ ತಿಳಿಸಿದರು. ನಗರಸಭೆ ವತಿಯಿಂದ 500 ಮನೆಗಳ ನಿರ್ಮಾಣಕ್ಕೆ ಗುದ್ದಲಿ ಪೂಜೆ ನೆರವೇರಿಸಿ ಮಾತನಾಡಿದ ಅವರು, ಪ್ರಧಾನಮಂತ್ರಿ ಆವಾಸ್ ಯೋಜನೆ ಅಡಿ ಸುಮಾರು 75 ಲಕ್ಷ ಮನೆಗಳನ್ನು ನಿರ್ಮಿಸಲಾಗಿದೆ. ಮುಂದಿನ ದಿನಗಳಲ್ಲಿ ವಸತಿ ರಹಿತರಿಗೆ ಮನೆ ನಿರ್ಮಿಸಿ ಕೊಡಲಾಗುವುದು ಎಂದರು. ಶಾಸಕ ಎಚ್.ವಿಶ್ವನಾಥ್ ಮಾತನಾಡಿ, ಬಡವರಿಗೆ ನಿವೇಶನ ಹಂಚಿಕೆ ಕಾರ್ಯ ಪಾರದರ್ಶಕವಾಗಿ ನಡೆಯಬೇಕು ಎಂದು ತಿಳಿಸಿದರು.

ಹುಣಸೂರು,ಫೆ.2-ಎಲ್ಲಾ ನಿರಾಶ್ರಿತ ಕುಟುಂಬಗಳಿಗೂ ಸೂರು ಕಲ್ಪಿಸಬೇಕೆಂಬುದು ಪ್ರಧಾನಿ ಮೋದಿ ಅವರ ಕನಸಾಗಿದೆ ಎಂದು ಸಂಸದ ಪ್ರತಾಪ್ ಸಿಂಹ ತಿಳಿಸಿದರು. ನಗರಸಭೆ ವತಿಯಿಂದ 500 ಮನೆಗಳ ನಿರ್ಮಾಣಕ್ಕೆ ಗುದ್ದಲಿ ಪೂಜೆ ನೆರವೇರಿಸಿ ಮಾತನಾಡಿದ ಅವರು, ಪ್ರಧಾನಮಂತ್ರಿ ಆವಾಸ್ ಯೋಜನೆ ಅಡಿ ಸುಮಾರು 75 ಲಕ್ಷ ಮನೆಗಳನ್ನು ನಿರ್ಮಿಸಲಾಗಿದೆ. ಮುಂದಿನ ದಿನಗಳಲ್ಲಿ ವಸತಿ ರಹಿತರಿಗೆ ಮನೆ ನಿರ್ಮಿಸಿ ಕೊಡಲಾಗುವುದು ಎಂದರು. ಶಾಸಕ ಎಚ್.ವಿಶ್ವನಾಥ್ ಮಾತನಾಡಿ, ಬಡವರಿಗೆ ನಿವೇಶನ ಹಂಚಿಕೆ ಕಾರ್ಯ ಪಾರದರ್ಶಕವಾಗಿ ನಡೆಯಬೇಕು ಎಂದು ತಿಳಿಸಿದರು.

ಆಡಳಿತ ವೈಫಲ್ಯದ ಆರೋಪ
ಶಂಕುಸ್ಥಾಪನೆ ಸಮಾರಂಭಕ್ಕೆ ಅಧಿಕಾರಿ!!

ಹುಣಸೂರು,ಫೆ.2-ಪ್ರಧಾನಮಂತ್ರಿ ಆವಾಸ್ ಯೋಜನೆಯಡಿ ಮನೆ ನಿರ್ಮಾಣಕ್ಕೆ ಶಂಕುಸ್ಥಾಪನೆ ನೆರವೇರಿಸುವ ಕಾರ್ಯಕ್ರಮದಲ್ಲಿ ಅಧಿಕಾರಿಗಳ ಗೈರು ಹಾಜರಿ ಕುರಿತು ಸಾರ್ವಜನಿಕರು ಅಸಮಾಧಾನ ವ್ಯಕ್ತಪಡಿಸಿದರು. ಮುಂಚಿತವಾಗಿ ಮಾಹಿತಿ ನೀಡದೇ ಕಾರ್ಯಕ್ರಮ ಆಯೋಜಿಸಲಾಗಿದೆ ಎಂದು ಆರೋಪಿಸಿದರು.

ಹುಣಸೂರು,ಫೆ.2-ಪ್ರಧಾನಮಂತ್ರಿ ಆವಾಸ್ ಯೋಜನೆಯಡಿ ಮನೆ ನಿರ್ಮಾಣಕ್ಕೆ ಶಂಕುಸ್ಥಾಪನೆ ನೆರವೇರಿಸುವ ಕಾರ್ಯಕ್ರಮದಲ್ಲಿ ಅಧಿಕಾರಿಗಳ ಗೈರು ಹಾಜರಿ ಕುರಿತು ಸಾರ್ವಜನಿಕರು ಅಸಮಾಧಾನ ವ್ಯಕ್ತಪಡಿಸಿದರು. ಮುಂಚಿತವಾಗಿ ಮಾಹಿತಿ ನೀಡದೇ ಕಾರ್ಯಕ್ರಮ ಆಯೋಜಿಸಲಾಗಿದೆ ಎಂದು ಆರೋಪಿಸಿದರು.

ಹುಣಸೂರು,ಫೆ.2-ಪ್ರಧಾನಮಂತ್ರಿ ಆವಾಸ್ ಯೋಜನೆಯಡಿ ಮನೆ ನಿರ್ಮಾಣಕ್ಕೆ ಶಂಕುಸ್ಥಾಪನೆ ನೆರವೇರಿಸುವ ಕಾರ್ಯಕ್ರಮದಲ್ಲಿ ಅಧಿಕಾರಿಗಳ ಗೈರು ಹಾಜರಿ ಕುರಿತು ಸಾರ್ವಜನಿಕರು ಅಸಮಾಧಾನ ವ್ಯಕ್ತಪಡಿಸಿದರು. ಮುಂಚಿತವಾಗಿ ಮಾಹಿತಿ ನೀಡದೇ ಕಾರ್ಯಕ್ರಮ ಆಯೋಜಿಸಲಾಗಿದೆ ಎಂದು ಆರೋಪಿಸಿದರು.

ಹುಣಸೂರು,ಫೆ.2-ಎಲ್ಲಾ ನಿರಾಶ್ರಿತ ಕುಟುಂಬಗಳಿಗೂ ಸೂರು ಕಲ್ಪಿಸಬೇಕೆಂಬುದು ಪ್ರಧಾನಿ ಮೋದಿ ಅವರ ಕನಸಾಗಿದೆ ಎಂದು ಸಂಸದ ಪ್ರತಾಪ್ ಸಿಂಹ ತಿಳಿಸಿದರು. ನಗರಸಭೆ ವತಿಯಿಂದ 500 ಮನೆಗಳ ನಿರ್ಮಾಣಕ್ಕೆ ಗುದ್ದಲಿ ಪೂಜೆ ನೆರವೇರಿಸಿ ಮಾತನಾಡಿದ ಅವರು, ಪ್ರಧಾನಮಂತ್ರಿ ಆವಾಸ್ ಯೋಜನೆ ಅಡಿ ಸುಮಾರು 75 ಲಕ್ಷ ಮನೆಗಳನ್ನು ನಿರ್ಮಿಸಲಾಗಿದೆ. ಮುಂದಿನ ದಿನಗಳಲ್ಲಿ ವಸತಿ ರಹಿತರಿಗೆ ಮನೆ ನಿರ್ಮಿಸಿ ಕೊಡಲಾಗುವುದು ಎಂದರು. ಶಾಸಕ ಎಚ್.ವಿಶ್ವನಾಥ್ ಮಾತನಾಡಿ, ಬಡವರಿಗೆ ನಿವೇಶನ ಹಂಚಿಕೆ ಕಾರ್ಯ ಪಾರದರ್ಶಕವಾಗಿ ನಡೆಯಬೇಕು ಎಂದು ತಿಳಿಸಿದರು.

ನಂಜನಗೂಡಿನಲ್ಲಿ ಅರಣ್ಯ ಇಲಾಖೆಯ ಸಿಬ್ಬಂದಿ ಜಿಂಕೆ ಚರ್ಮ ವಶಪಡಿಸಿಕೊಂಡಿರುವುದು.
ವಿದ್ಯುತ್ ತಗುಲಿ ಕಬ್ಬು ಬೆಳೆ ಭಸ್ಮ

ಬನ್ನೂರು,ಫೆ.2-ಕೊಳಗಲ ಬಳಿ ವಿದ್ಯುತ್ ತಂತಿ ತಗುಲಿ ಸುಮಾರು 2.22 ಎಕರೆ ಪ್ರದೇಶದಲ್ಲಿ ಬೆಳೆದಿದ್ದ ಕಬ್ಬು ಬೆಳೆ ಸಂಪೂರ್ಣ ಭಸ್ಮವಾಗಿದೆ. ವಿದ್ಯುತ್ ತಂತಿಗಳ ಘರ್ಷಣೆಯಿಂದ ಬೆಂಕಿ ಕಾಣಿಸಿಕೊಂಡಿದ್ದು, ಸುಮಾರು ಐದು ಲಕ್ಷ ರೂ. ನಷ್ಟ ಸಂಭವಿಸಿದೆ. ಸೆಸ್ಕ್ ಅಧಿಕಾರಿಗಳು ಸ್ಥಳಕ್ಕೆ ಭೇಟಿ ನೀಡಿ ಪರಿಶೀಲಿಸಿದರು. ಸಂತ್ರಸ್ತ ರೈತರಿಗೆ ಸೂಕ್ತ ಪರಿಹಾರ ನೀಡಬೇಕೆಂದು ಗ್ರಾಮಸ್ಥರು ಒತ್ತಾಯಿಸಿದ್ದಾರೆ.

ಬನ್ನೂರು,ಫೆ.2-ಕೊಳಗಲ ಬಳಿ ವಿದ್ಯುತ್ ತಂತಿ ತಗುಲಿ ಸುಮಾರು 2.22 ಎಕರೆ ಪ್ರದೇಶದಲ್ಲಿ ಬೆಳೆದಿದ್ದ ಕಬ್ಬು ಬೆಳೆ ಸಂಪೂರ್ಣ ಭಸ್ಮವಾಗಿದೆ. ವಿದ್ಯುತ್ ತಂತಿಗಳ ಘರ್ಷಣೆಯಿಂದ ಬೆಂಕಿ ಕಾಣಿಸಿಕೊಂಡಿದ್ದು, ಸುಮಾರು ಐದು ಲಕ್ಷ ರೂ. ನಷ್ಟ ಸಂಭವಿಸಿದೆ. ಸೆಸ್ಕ್ ಅಧಿಕಾರಿಗಳು ಸ್ಥಳಕ್ಕೆ ಭೇಟಿ ನೀಡಿ ಪರಿಶೀಲಿಸಿದರು. ಸಂತ್ರಸ್ತ ರೈತರಿಗೆ ಸೂಕ್ತ ಪರಿಹಾರ ನೀಡಬೇಕೆಂದು ಗ್ರಾಮಸ್ಥರು ಒತ್ತಾಯಿಸಿದ್ದಾರೆ.

ಕಾಡುಕೋಣ, ಕಾಡಾನೆಗಳ ದಾಳಿಯಿಂದ ಬೆಳೆ ನಾಶ

ಸರಗೂರು,ಫೆ.2-ತಾಲೂಕಿನ ಕಾಡಂಚಿನ ಗ್ರಾಮಗಳಲ್ಲಿ ಕಾಡುಕೋಣ ಹಾಗೂ ಕಾಡಾನೆಗಳ ಹಾವಳಿ ಹೆಚ್ಚಾಗಿದ್ದು, ರೈತರು ಬೆಳೆದ ಬೆಳೆಗಳು ನಾಶವಾಗುತ್ತಿವೆ. ರಾಗಿ, ಜೋಳ, ಬಾಳೆ ಬೆಳೆಗಳನ್ನು ತಿಂದು ತುಳಿದು ಹಾಳು ಮಾಡಿವೆ. ಅರಣ್ಯ ಇಲಾಖೆ ಅಧಿಕಾರಿಗಳು ಶೀಘ್ರ ಕ್ರಮ ಕೈಗೊಳ್ಳಬೇಕು ಎಂದು ರೈತರು ಆಗ್ರಹಿಸಿದ್ದಾರೆ.

ಸಿಗೋಡು ಹಾಡಿಯಲ್ಲಿ ಭಾರಿ ಗಾತ್ರದ ಹೆಬ್ಬಾವು ಪ್ರತ್ಯಕ್ಷ

ಹೆಚ್.ಡಿ.ಕೋಟೆ,ಫೆ.2(ನಂಜು)-ತಾಲೂಕಿನ ಸಿಗೋಡು ಹಾಡಿಯಲ್ಲಿ ಭಾರಿ ಗಾತ್ರದ ಹೆಬ್ಬಾವು ಕಾಣಿಸಿಕೊಂಡು ಜನರಲ್ಲಿ ಆತಂಕ ಸೃಷ್ಟಿಸಿತು. ಸ್ಥಳೀಯರು ಅರಣ್ಯ ಇಲಾಖೆಗೆ ಮಾಹಿತಿ ನೀಡಿದ ಹಿನ್ನೆಲೆಯಲ್ಲಿ ಸಿಬ್ಬಂದಿ ಸ್ಥಳಕ್ಕೆ ಆಗಮಿಸಿ ಹೆಬ್ಬಾವು ಸೆರೆ ಹಿಡಿದು ಕಾಡಿಗೆ ಬಿಟ್ಟರು. ಸುಮಾರು 13 ಅಡಿ ಉದ್ದದ ಹೆಬ್ಬಾವು ಇದಾಗಿದೆ ಎಂದು ಅಧಿಕಾರಿಗಳು ತಿಳಿಸಿದರು.

ಹೆಚ್.ಡಿ.ಕೋಟೆ,ಫೆ.2(ನಂಜು)-ತಾಲೂಕಿನ ಸಿಗೋಡು ಹಾಡಿಯಲ್ಲಿ ಭಾರಿ ಗಾತ್ರದ ಹೆಬ್ಬಾವು ಕಾಣಿಸಿಕೊಂಡು ಜನರಲ್ಲಿ ಆತಂಕ ಸೃಷ್ಟಿಸಿತು. ಸ್ಥಳೀಯರು ಅರಣ್ಯ ಇಲಾಖೆಗೆ ಮಾಹಿತಿ ನೀಡಿದ ಹಿನ್ನೆಲೆಯಲ್ಲಿ ಸಿಬ್ಬಂದಿ ಸ್ಥಳಕ್ಕೆ ಆಗಮಿಸಿ ಹೆಬ್ಬಾವು ಸೆರೆ ಹಿಡಿದು ಕಾಡಿಗೆ ಬಿಟ್ಟರು. ಸುಮಾರು 13 ಅಡಿ ಉದ್ದದ ಹೆಬ್ಬಾವು ಇದಾಗಿದೆ ಎಂದು ಅಧಿಕಾರಿಗಳು ತಿಳಿಸಿದರು.
